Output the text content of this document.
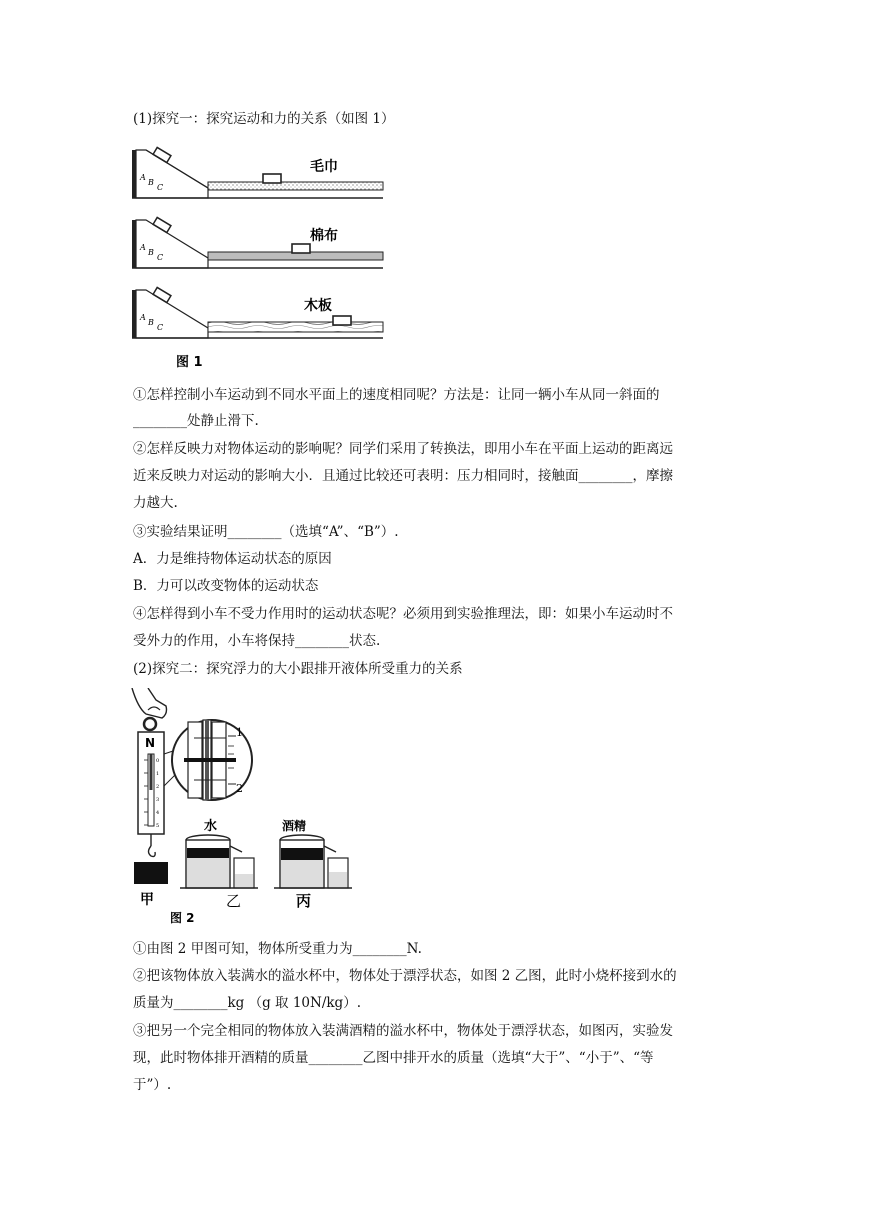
(1)探究一：探究运动和力的关系（如图 1）
毛巾
A
B
C
棉布
A
B
C
木板
A
B
C
图 1
①怎样控制小车运动到不同水平面上的速度相同呢？方法是：让同一辆小车从同一斜面的
________处静止滑下.
②怎样反映力对物体运动的影响呢？同学们采用了转换法，即用小车在平面上运动的距离远
近来反映力对运动的影响大小．且通过比较还可表明：压力相同时，接触面________，摩擦
力越大.
③实验结果证明________（选填“A”、“B”）.
A．力是维持物体运动状态的原因
B．力可以改变物体的运动状态
④怎样得到小车不受力作用时的运动状态呢？必须用到实验推理法，即：如果小车运动时不
受外力的作用，小车将保持________状态.
(2)探究二：探究浮力的大小跟排开液体所受重力的关系
N
0
1
2
3
4
5
1
2
水	酒精
甲	乙	丙
图 2
①由图 2 甲图可知，物体所受重力为________N.
②把该物体放入装满水的溢水杯中，物体处于漂浮状态，如图 2 乙图，此时小烧杯接到水的
质量为________kg （g 取 10N/kg）.
③把另一个完全相同的物体放入装满酒精的溢水杯中，物体处于漂浮状态，如图丙，实验发
现，此时物体排开酒精的质量________乙图中排开水的质量（选填“大于”、“小于”、“等
于”）.
